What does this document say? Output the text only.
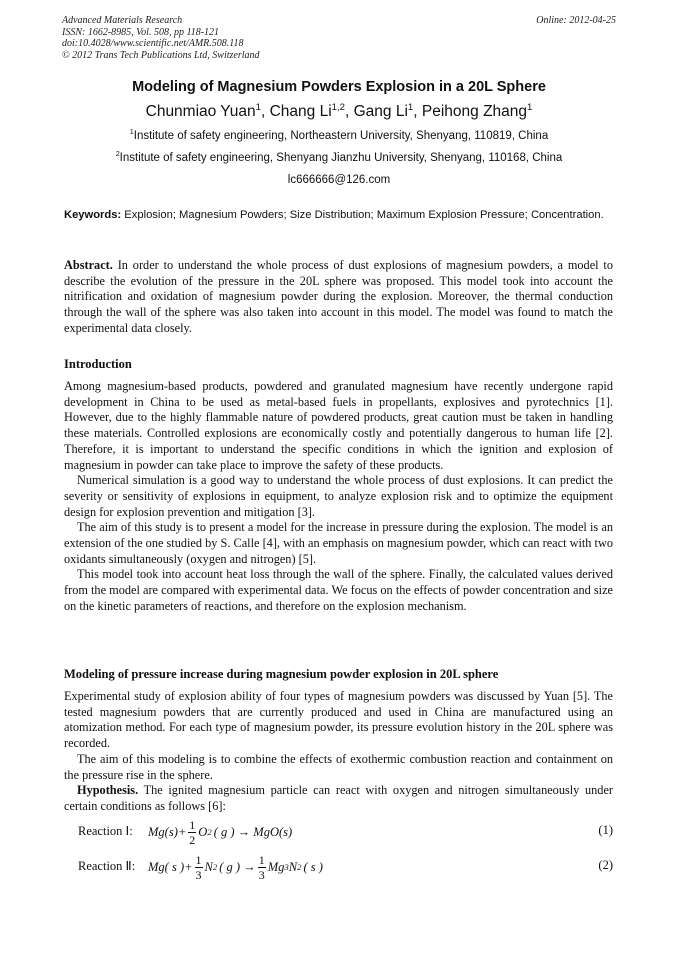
Advanced Materials Research
ISSN: 1662-8985, Vol. 508, pp 118-121
doi:10.4028/www.scientific.net/AMR.508.118
© 2012 Trans Tech Publications Ltd, Switzerland
Online: 2012-04-25
Modeling of Magnesium Powders Explosion in a 20L Sphere
Chunmiao Yuan$^1$, Chang Li$^{1,2}$, Gang Li$^1$, Peihong Zhang$^1$
$^1$Institute of safety engineering, Northeastern University, Shenyang, 110819, China
$^2$Institute of safety engineering, Shenyang Jianzhu University, Shenyang, 110168, China
lc666666@126.com
Keywords: Explosion; Magnesium Powders; Size Distribution; Maximum Explosion Pressure; Concentration.

Abstract. In order to understand the whole process of dust explosions of magnesium powders, a model to describe the evolution of the pressure in the 20L sphere was proposed. This model took into account the nitrification and oxidation of magnesium powder during the explosion. Moreover, the thermal conduction through the wall of the sphere was also taken into account in this model. The model was found to match the experimental data closely.

Introduction

Among magnesium-based products, powdered and granulated magnesium have recently undergone rapid development in China to be used as metal-based fuels in propellants, explosives and pyrotechnics [1]. However, due to the highly flammable nature of powdered products, great caution must be taken in handling these materials. Controlled explosions are economically costly and potentially dangerous to human life [2]. Therefore, it is important to understand the specific conditions in which the ignition and explosion of magnesium in powder can take place to improve the safety of these products.

Numerical simulation is a good way to understand the whole process of dust explosions. It can predict the severity or sensitivity of explosions in equipment, to analyze explosion risk and to optimize the equipment design for explosion prevention and mitigation [3].

The aim of this study is to present a model for the increase in pressure during the explosion. The model is an extension of the one studied by S. Calle [4], with an emphasis on magnesium powder, which can react with two oxidants simultaneously (oxygen and nitrogen) [5].

This model took into account heat loss through the wall of the sphere. Finally, the calculated values derived from the model are compared with experimental data. We focus on the effects of powder concentration and size on the kinetic parameters of reactions, and therefore on the explosion mechanism.

Modeling of pressure increase during magnesium powder explosion in 20L sphere

Experimental study of explosion ability of four types of magnesium powders was discussed by Yuan [5]. The tested magnesium powders that are currently produced and used in China are manufactured using an atomization method. For each type of magnesium powder, its pressure evolution history in the 20L sphere was recorded.

The aim of this modeling is to combine the effects of exothermic combustion reaction and containment on the pressure rise in the sphere.

Hypothesis. The ignited magnesium particle can react with oxygen and nitrogen simultaneously under certain conditions as follows [6]:

Reaction Ⅰ: $Mg(s)+ \frac{1}{2}$ O 2 ( g ) → MgO(s)	(1)
Reaction Ⅱ: Mg( s )+ $\frac{1}{3}$ N 2 ( g ) → $\frac{1}{3}$ Mg 3 N 2 ( s )	(2)
